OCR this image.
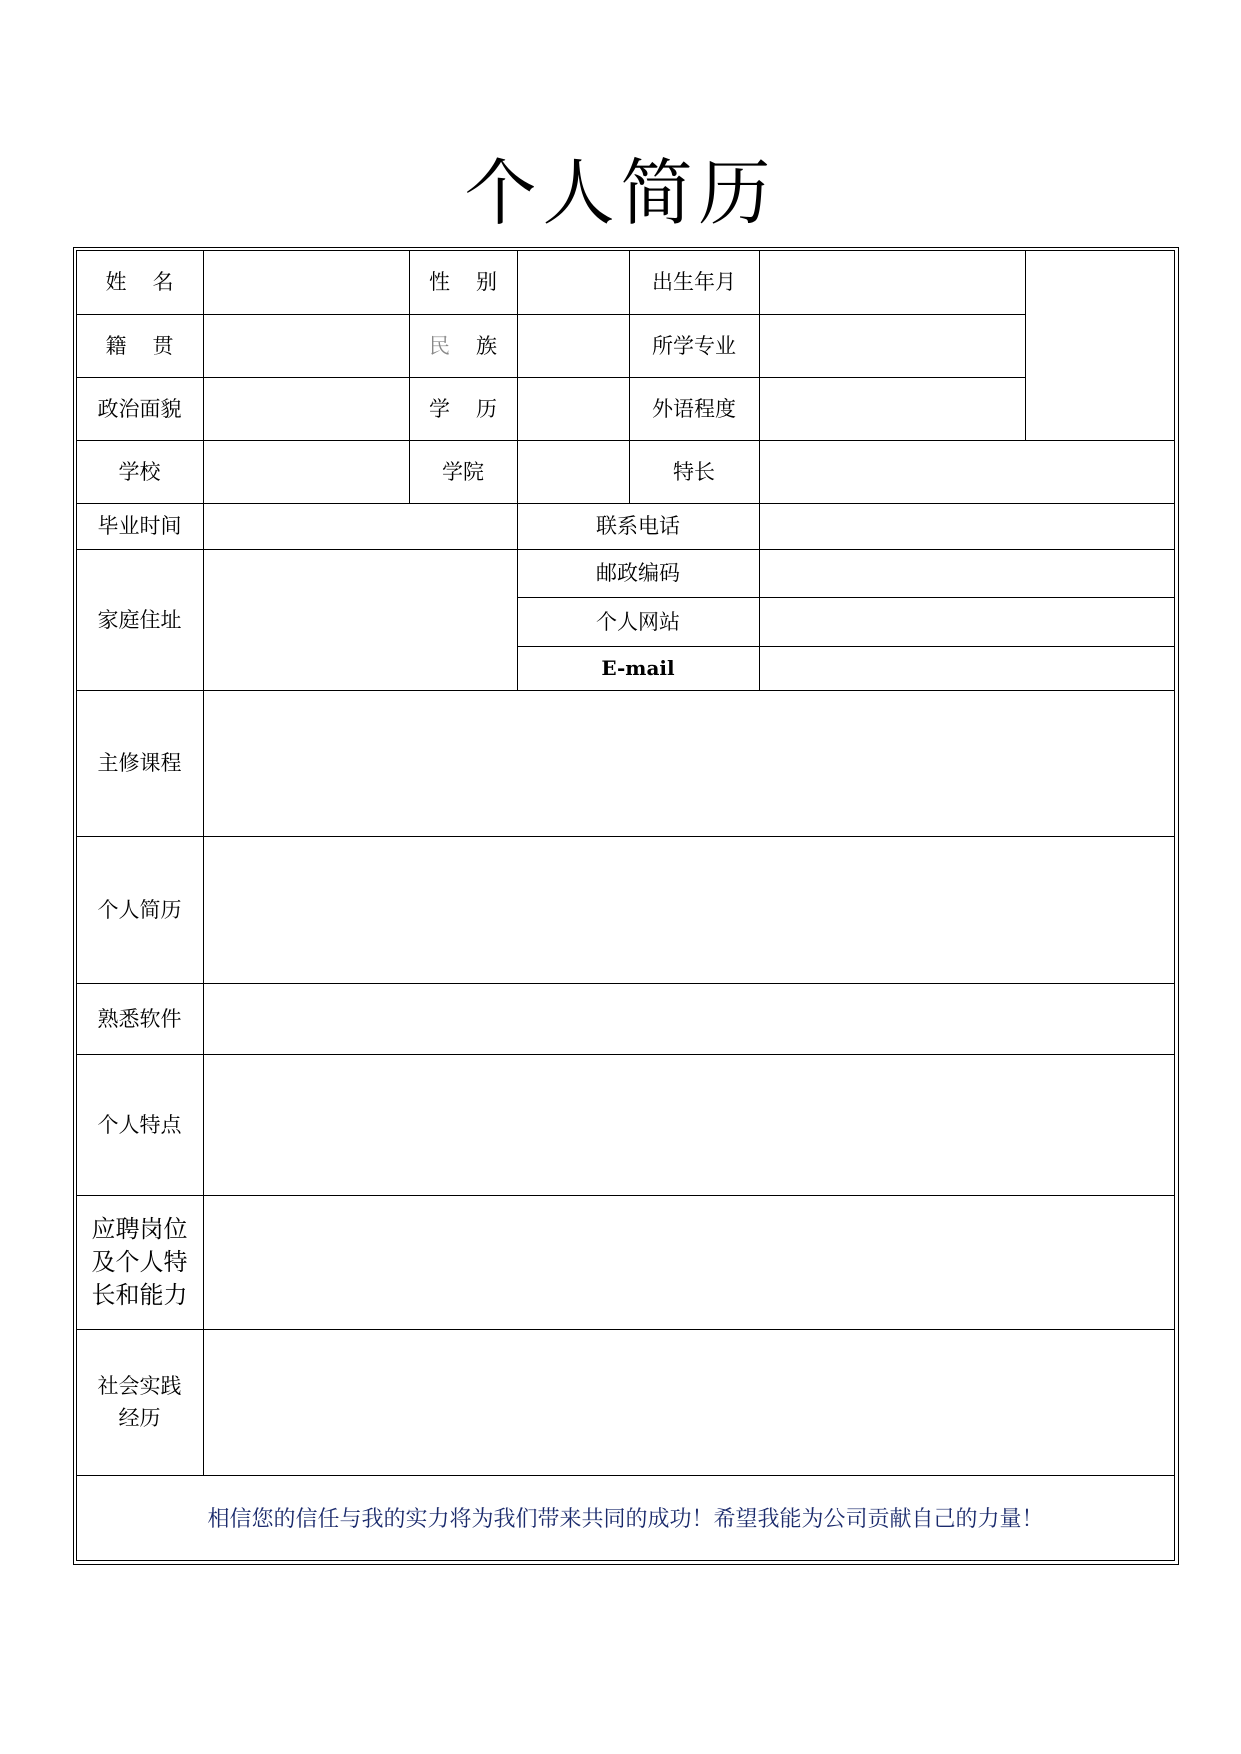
个人简历
姓 名	性 别	出生年月
籍 贯	民 族	所学专业
政治面貌	学 历	外语程度
学校	学院	特长
毕业时间	联系电话
家庭住址
邮政编码
个人网站
E-mail
主修课程
个人简历
熟悉软件
个人特点
应聘岗位
及个人特
长和能力
社会实践
经历
相信您的信任与我的实力将为我们带来共同的成功！希望我能为公司贡献自己的力量！
